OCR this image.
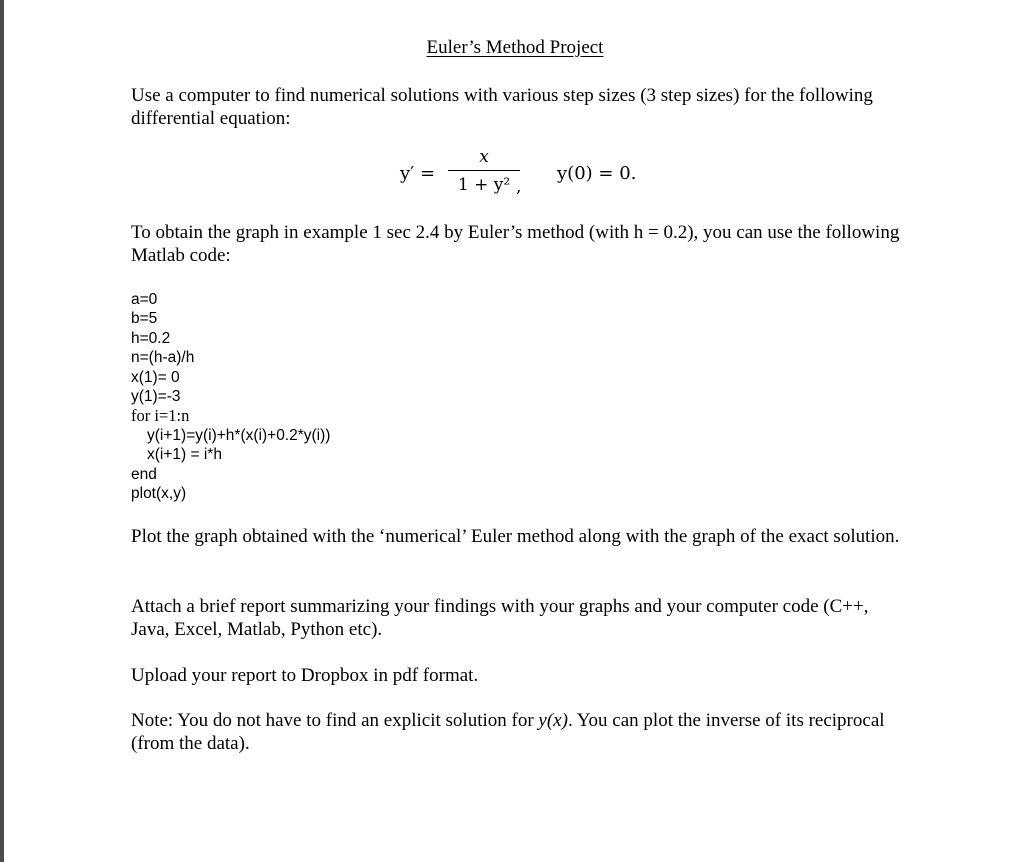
Euler’s Method Project
Use a computer to find numerical solutions with various step sizes (3 step sizes) for the following differential equation:
y′ =
x
1 + y² ,
y(0) = 0.
To obtain the graph in example 1 sec 2.4 by Euler’s method (with h = 0.2), you can use the following Matlab code:
a=0
b=5
h=0.2
n=(h-a)/h
x(1)= 0
y(1)=-3
for i=1:n
y(i+1)=y(i)+h*(x(i)+0.2*y(i))
x(i+1) = i*h
end
plot(x,y)
Plot the graph obtained with the ‘numerical’ Euler method along with the graph of the exact solution.
Attach a brief report summarizing your findings with your graphs and your computer code (C++, Java, Excel, Matlab, Python etc).
Upload your report to Dropbox in pdf format.
Note: You do not have to find an explicit solution for y(x). You can plot the inverse of its reciprocal (from the data).
